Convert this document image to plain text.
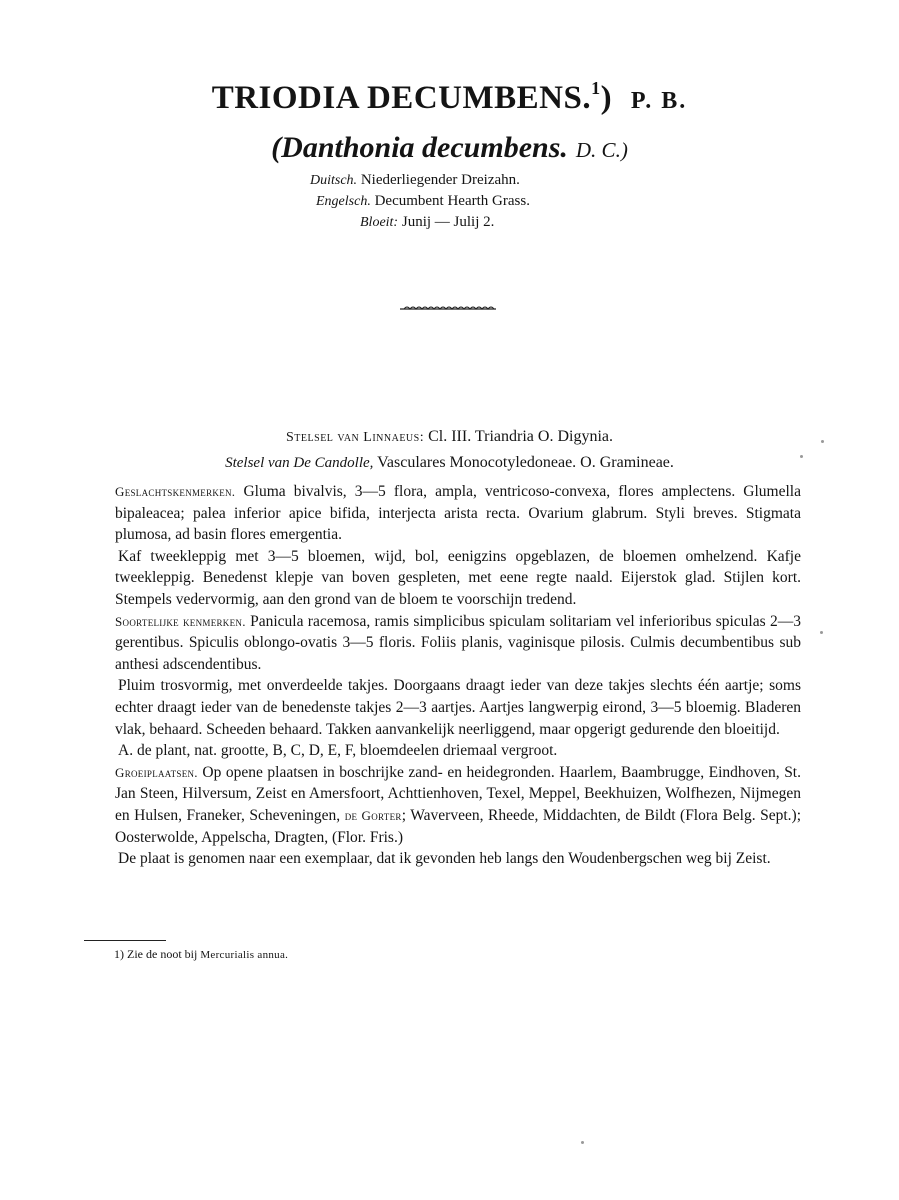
TRIODIA DECUMBENS.$^1$) P. B.
(Danthonia decumbens. D. C.)
Duitsch. Niederliegender Dreizahn.
Engelsch. Decumbent Hearth Grass.
Bloeit: Junij — Julij 2.
Stelsel van Linnaeus: Cl. III. Triandria O. Digynia.
Stelsel van De Candolle, Vasculares Monocotyledoneae. O. Gramineae.

Geslachtskenmerken. Gluma bivalvis, 3—5 flora, ampla, ventricoso-convexa, flores amplectens. Glumella bipaleacea; palea inferior apice bifida, interjecta arista recta. Ovarium glabrum. Styli breves. Stigmata plumosa, ad basin flores emergentia.

Kaf tweekleppig met 3—5 bloemen, wijd, bol, eenigzins opgeblazen, de bloemen omhelzend. Kafje tweekleppig. Benedenst klepje van boven gespleten, met eene regte naald. Eijerstok glad. Stijlen kort. Stempels vedervormig, aan den grond van de bloem te voorschijn tredend.

Soortelijke kenmerken. Panicula racemosa, ramis simplicibus spiculam solitariam vel inferioribus spiculas 2—3 gerentibus. Spiculis oblongo-ovatis 3—5 floris. Foliis planis, vaginisque pilosis. Culmis decumbentibus sub anthesi adscendentibus.

Pluim trosvormig, met onverdeelde takjes. Doorgaans draagt ieder van deze takjes slechts één aartje; soms echter draagt ieder van de benedenste takjes 2—3 aartjes. Aartjes langwerpig eirond, 3—5 bloemig. Bladeren vlak, behaard. Scheeden behaard. Takken aanvankelijk neerliggend, maar opgerigt gedurende den bloeitijd.

A. de plant, nat. grootte, B, C, D, E, F, bloemdeelen driemaal vergroot.

Groeiplaatsen. Op opene plaatsen in boschrijke zand- en heidegronden. Haarlem, Baambrugge, Eindhoven, St. Jan Steen, Hilversum, Zeist en Amersfoort, Achttienhoven, Texel, Meppel, Beekhuizen, Wolfhezen, Nijmegen en Hulsen, Franeker, Scheveningen, de Gorter; Waverveen, Rheede, Middachten, de Bildt (Flora Belg. Sept.); Oosterwolde, Appelscha, Dragten, (Flor. Fris.)

De plaat is genomen naar een exemplaar, dat ik gevonden heb langs den Woudenbergschen weg bij Zeist.

1) Zie de noot bij Mercurialis annua.
